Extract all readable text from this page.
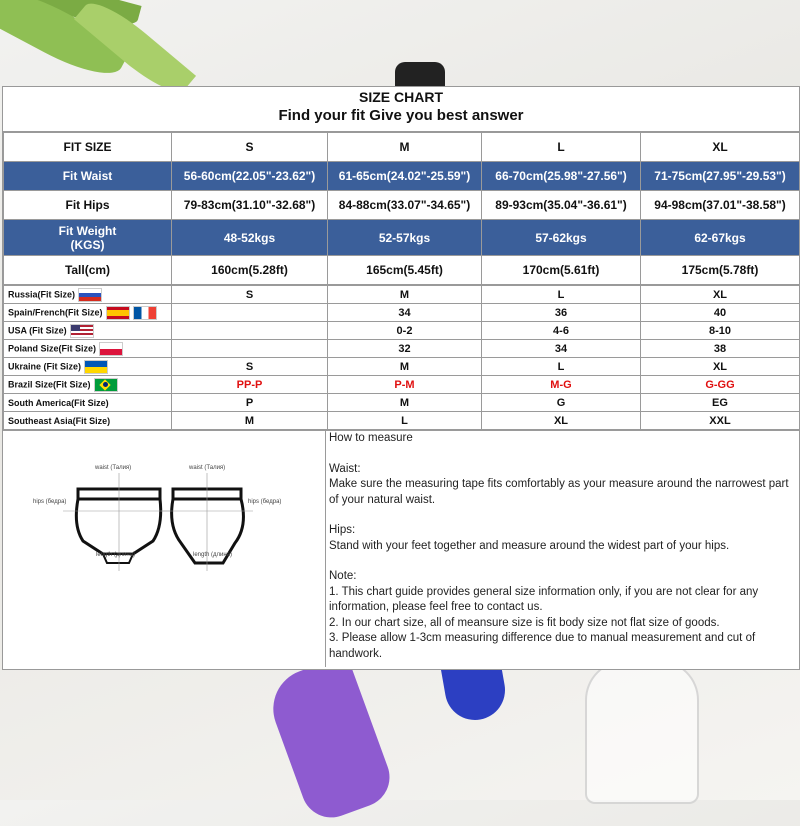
SIZE CHART
Find your fit Give you best answer
FIT SIZE	S	M	L	XL
Fit Waist	56-60cm(22.05"-23.62")	61-65cm(24.02"-25.59")	66-70cm(25.98"-27.56")	71-75cm(27.95"-29.53")
Fit Hips	79-83cm(31.10"-32.68")	84-88cm(33.07"-34.65")	89-93cm(35.04"-36.61")	94-98cm(37.01"-38.58")

Fit Weight
(KGS)	48-52kgs	52-57kgs	57-62kgs	62-67kgs
Tall(cm)	160cm(5.28ft)	165cm(5.45ft)	170cm(5.61ft)	175cm(5.78ft)
Russia(Fit Size)	S	M	L	XL
Spain/French(Fit Size)		34	36	40
USA (Fit Size)		0-2	4-6	8-10
Poland Size(Fit Size)		32	34	38
Ukraine (Fit Size)	S	M	L	XL
Brazil Size(Fit Size)	PP-P	P-M	M-G	G-GG
South America(Fit Size)	P	M	G	EG
Southeast Asia(Fit Size)	M	L	XL	XXL
waist (Талия)	waist (Талия)
hips (бедра)	hips (бедра)
length (длина)	length (длина)

How to measure

Waist:

Make sure the measuring tape fits comfortably as your measure around the narrowest part of your natural waist.

Hips:

Stand with your feet together and measure around the widest part of your hips.

Note:

1. This chart guide provides general size information only, if you are not clear for any information, please feel free to contact us.

2. In our chart size, all of meansure size is fit body size not flat size of goods.

3. Please allow 1-3cm measuring difference due to manual measurement and cut of handwork.
